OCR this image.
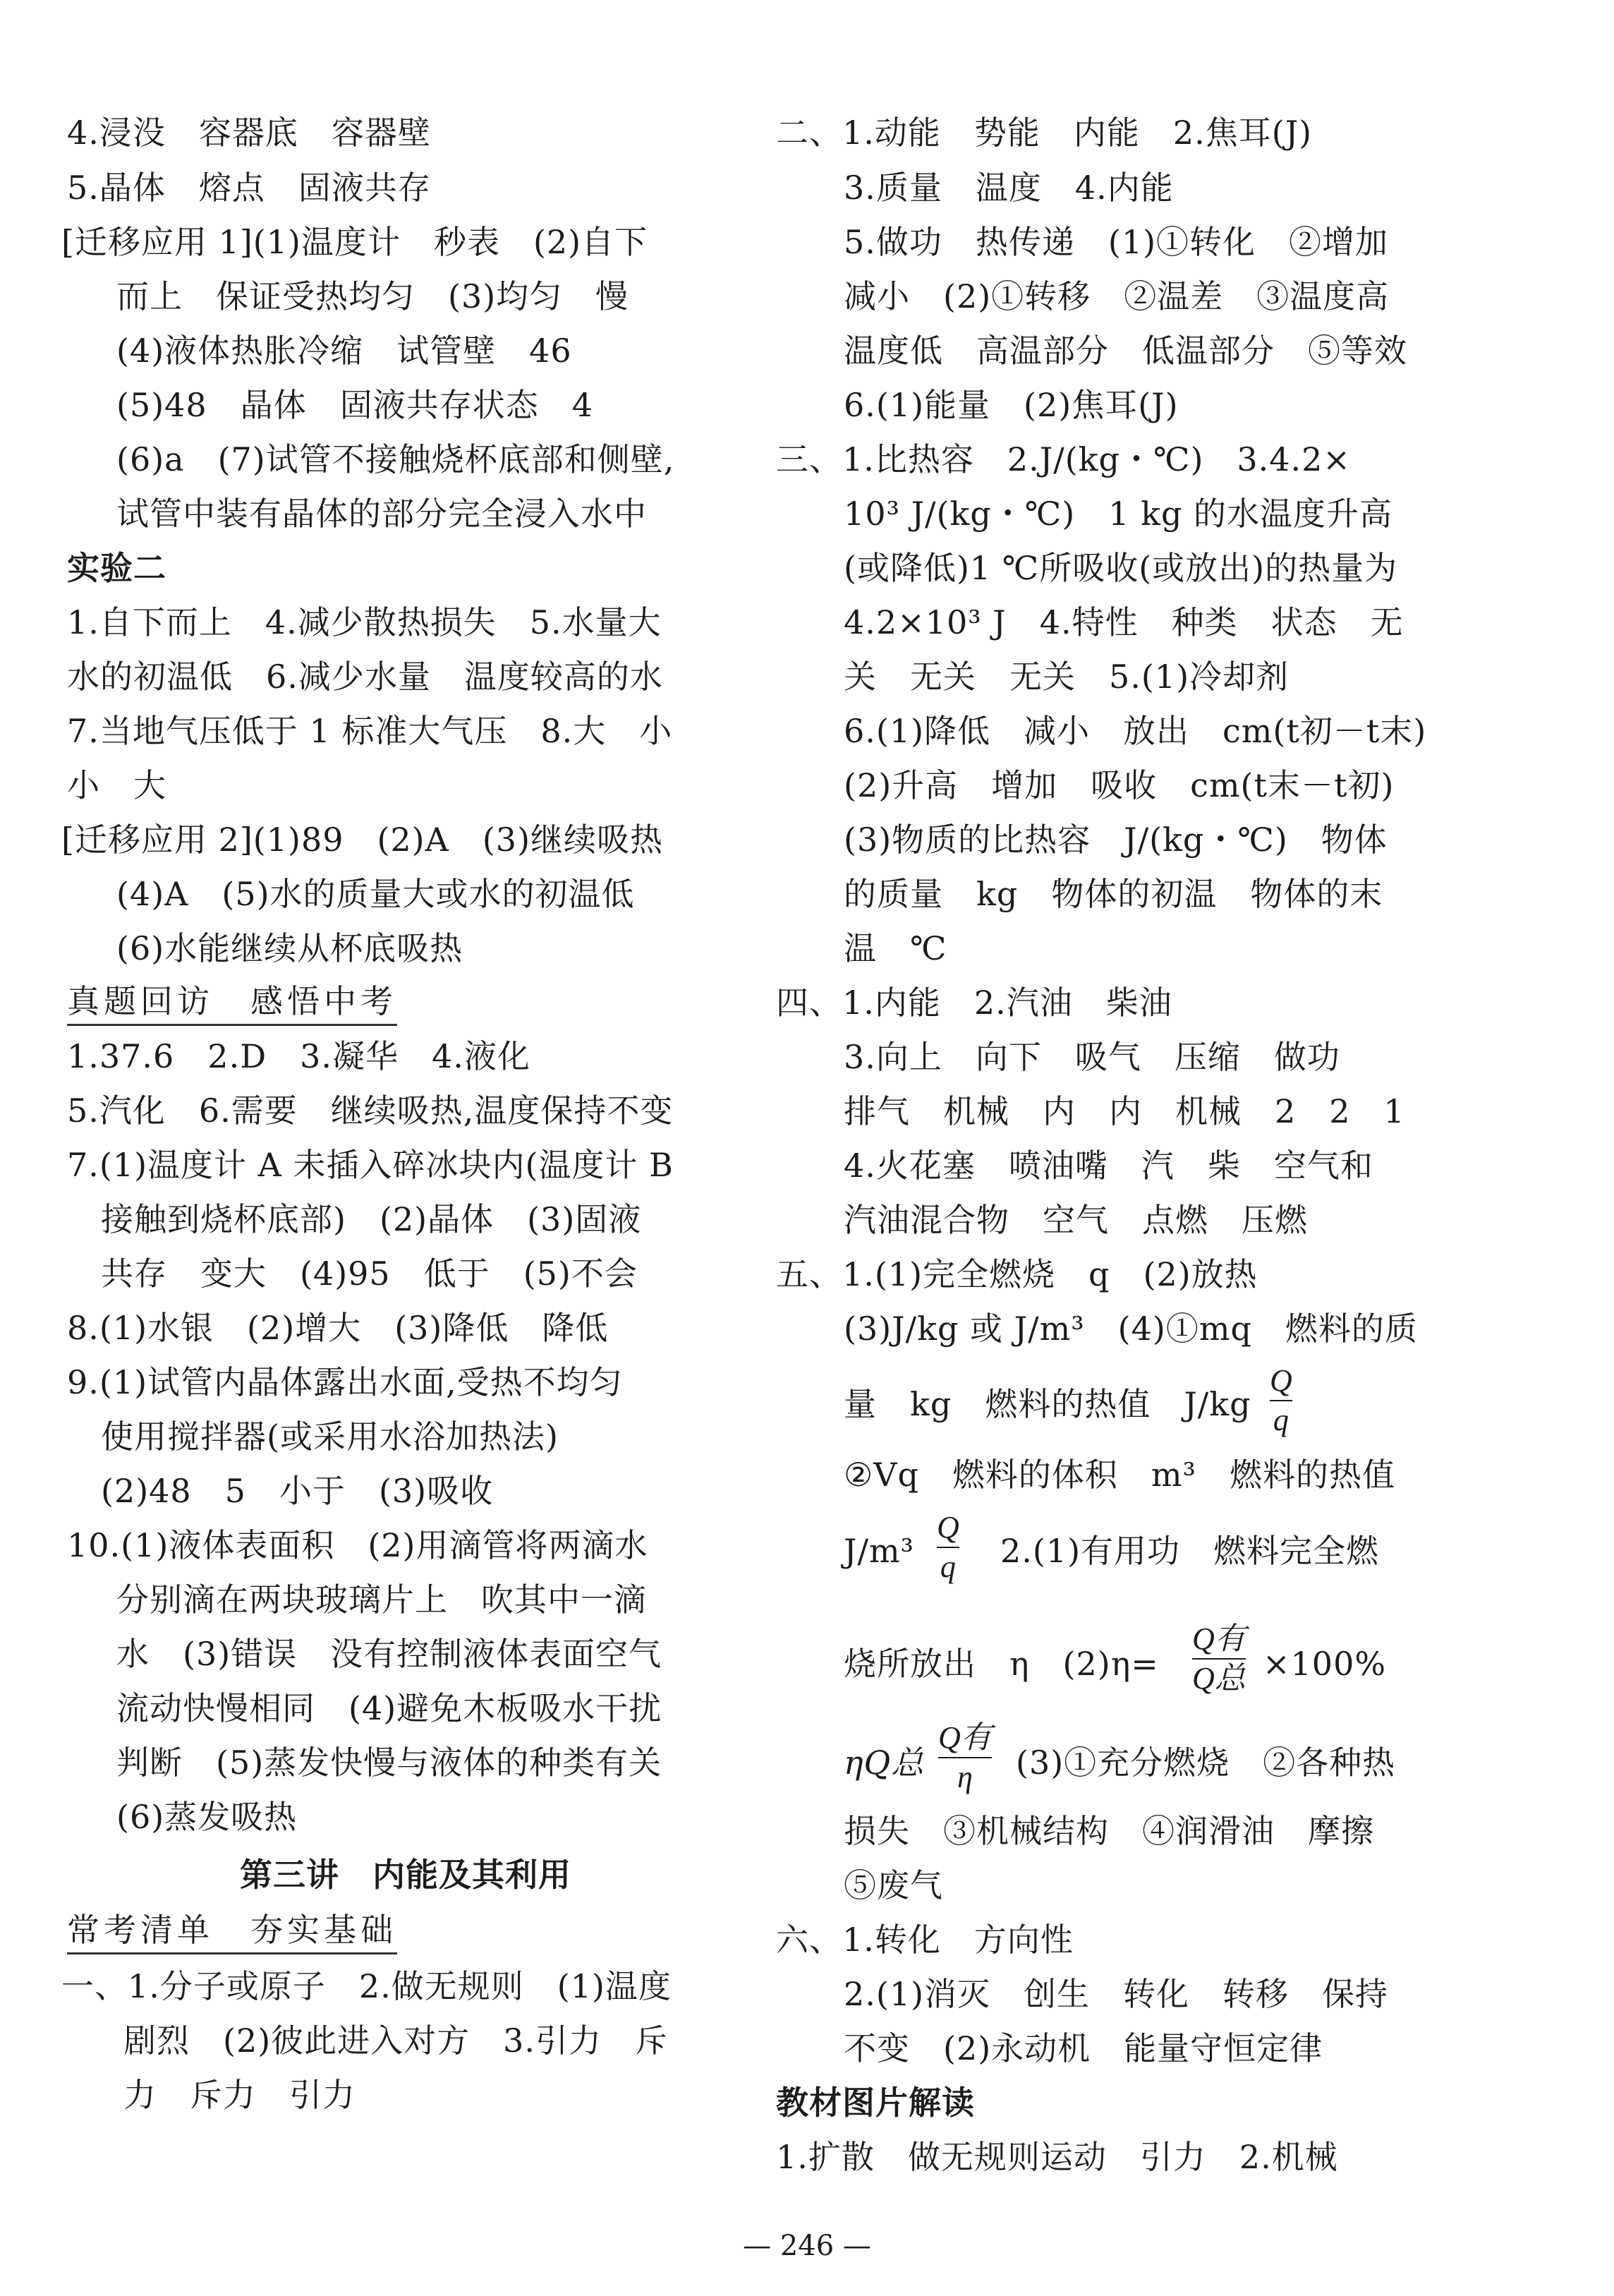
4.浸没　容器底　容器壁
5.晶体　熔点　固液共存
[迁移应用 1](1)温度计　秒表　(2)自下
而上　保证受热均匀　(3)均匀　慢
(4)液体热胀冷缩　试管壁　46
(5)48　晶体　固液共存状态　4
(6)a　(7)试管不接触烧杯底部和侧壁,
试管中装有晶体的部分完全浸入水中
实验二
1.自下而上　4.减少散热损失　5.水量大
水的初温低　6.减少水量　温度较高的水
7.当地气压低于 1 标准大气压　8.大　小
小　大
[迁移应用 2](1)89　(2)A　(3)继续吸热
(4)A　(5)水的质量大或水的初温低
(6)水能继续从杯底吸热
真题回访　感悟中考
1.37.6　2.D　3.凝华　4.液化
5.汽化　6.需要　继续吸热,温度保持不变
7.(1)温度计 A 未插入碎冰块内(温度计 B
接触到烧杯底部)　(2)晶体　(3)固液
共存　变大　(4)95　低于　(5)不会
8.(1)水银　(2)增大　(3)降低　降低
9.(1)试管内晶体露出水面,受热不均匀
使用搅拌器(或采用水浴加热法)
(2)48　5　小于　(3)吸收
10.(1)液体表面积　(2)用滴管将两滴水
分别滴在两块玻璃片上　吹其中一滴
水　(3)错误　没有控制液体表面空气
流动快慢相同　(4)避免木板吸水干扰
判断　(5)蒸发快慢与液体的种类有关
(6)蒸发吸热
第三讲　内能及其利用
常考清单　夯实基础
一、1.分子或原子　2.做无规则　(1)温度
剧烈　(2)彼此进入对方　3.引力　斥
力　斥力　引力
二、1.动能　势能　内能　2.焦耳(J)
3.质量　温度　4.内能
5.做功　热传递　(1)①转化　②增加
减小　(2)①转移　②温差　③温度高
温度低　高温部分　低温部分　⑤等效
6.(1)能量　(2)焦耳(J)
三、1.比热容　2.J/(kg・℃)　3.4.2×
10³ J/(kg・℃)　1 kg 的水温度升高
(或降低)1 ℃所吸收(或放出)的热量为
4.2×10³ J　4.特性　种类　状态　无
关　无关　无关　5.(1)冷却剂
6.(1)降低　减小　放出　cm(t初－t末)
(2)升高　增加　吸收　cm(t末－t初)
(3)物质的比热容　J/(kg・℃)　物体
的质量　kg　物体的初温　物体的末
温　℃
四、1.内能　2.汽油　柴油
3.向上　向下　吸气　压缩　做功
排气　机械　内　内　机械　2　2　1
4.火花塞　喷油嘴　汽　柴　空气和
汽油混合物　空气　点燃　压燃
五、1.(1)完全燃烧　q　(2)放热
(3)J/kg 或 J/m³　(4)①mq　燃料的质
量　kg　燃料的热值　J/kg
Q
q
②Vq　燃料的体积　m³　燃料的热值
J/m³
Q
q 2.(1)有用功　燃料完全燃
烧所放出　η　(2)η=
Q有
Q总 ×100%
ηQ总
Q有
η (3)①充分燃烧　②各种热
损失　③机械结构　④润滑油　摩擦
⑤废气
六、1.转化　方向性
2.(1)消灭　创生　转化　转移　保持
不变　(2)永动机　能量守恒定律
教材图片解读
1.扩散　做无规则运动　引力　2.机械
— 246 —
